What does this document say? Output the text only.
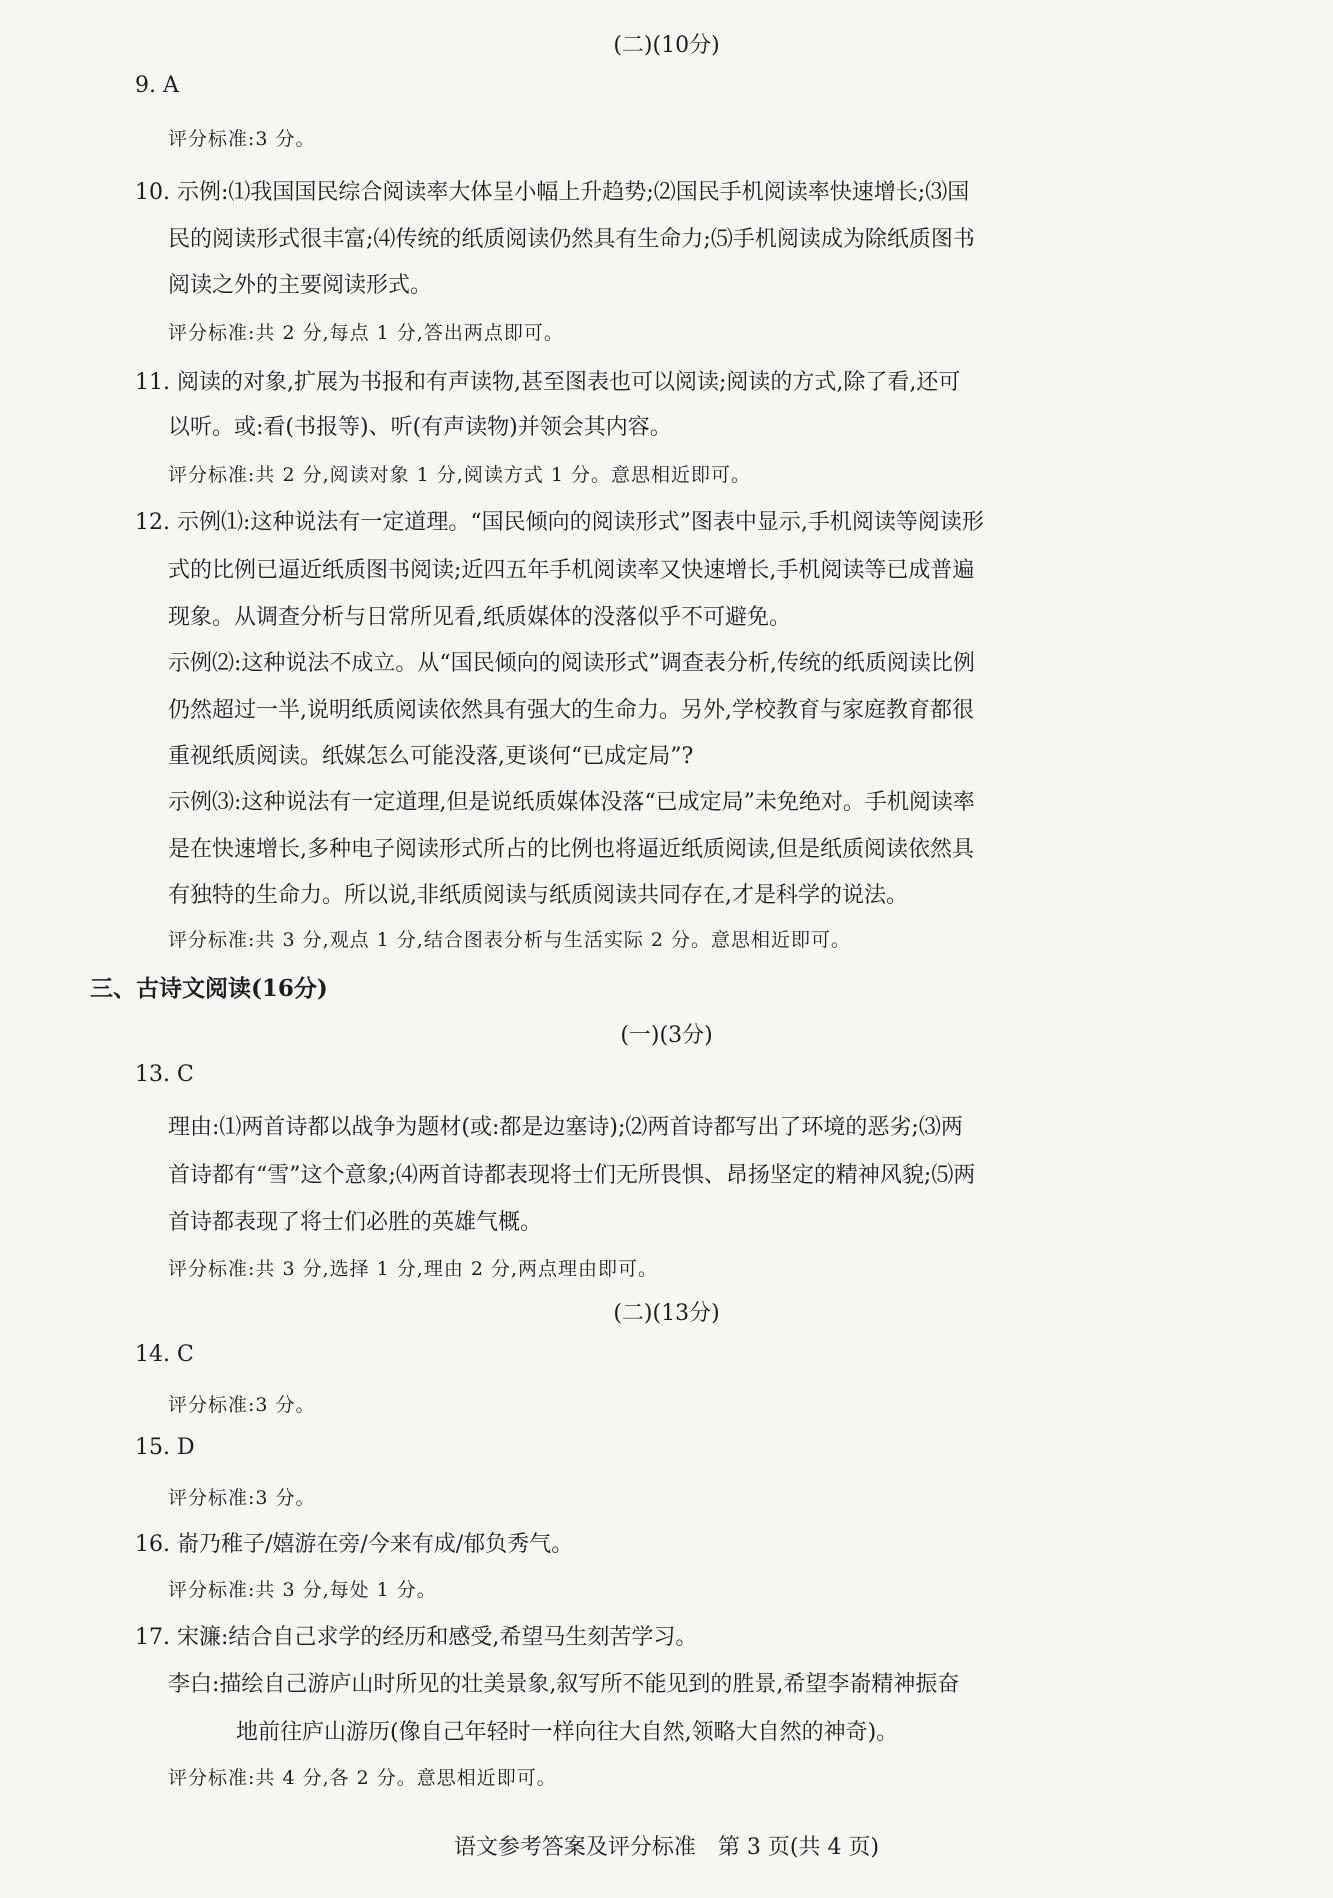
(二)(10分)
9. A
评分标准:3 分。
10. 示例:⑴我国国民综合阅读率大体呈小幅上升趋势;⑵国民手机阅读率快速增长;⑶国
民的阅读形式很丰富;⑷传统的纸质阅读仍然具有生命力;⑸手机阅读成为除纸质图书
阅读之外的主要阅读形式。
评分标准:共 2 分,每点 1 分,答出两点即可。
11. 阅读的对象,扩展为书报和有声读物,甚至图表也可以阅读;阅读的方式,除了看,还可
以听。或:看(书报等)、听(有声读物)并领会其内容。
评分标准:共 2 分,阅读对象 1 分,阅读方式 1 分。意思相近即可。
12. 示例⑴:这种说法有一定道理。“国民倾向的阅读形式”图表中显示,手机阅读等阅读形
式的比例已逼近纸质图书阅读;近四五年手机阅读率又快速增长,手机阅读等已成普遍
现象。从调查分析与日常所见看,纸质媒体的没落似乎不可避免。
示例⑵:这种说法不成立。从“国民倾向的阅读形式”调查表分析,传统的纸质阅读比例
仍然超过一半,说明纸质阅读依然具有强大的生命力。另外,学校教育与家庭教育都很
重视纸质阅读。纸媒怎么可能没落,更谈何“已成定局”?
示例⑶:这种说法有一定道理,但是说纸质媒体没落“已成定局”未免绝对。手机阅读率
是在快速增长,多种电子阅读形式所占的比例也将逼近纸质阅读,但是纸质阅读依然具
有独特的生命力。所以说,非纸质阅读与纸质阅读共同存在,才是科学的说法。
评分标准:共 3 分,观点 1 分,结合图表分析与生活实际 2 分。意思相近即可。
三、古诗文阅读(16分)
(一)(3分)
13. C
理由:⑴两首诗都以战争为题材(或:都是边塞诗);⑵两首诗都写出了环境的恶劣;⑶两
首诗都有“雪”这个意象;⑷两首诗都表现将士们无所畏惧、昂扬坚定的精神风貌;⑸两
首诗都表现了将士们必胜的英雄气概。
评分标准:共 3 分,选择 1 分,理由 2 分,两点理由即可。
(二)(13分)
14. C
评分标准:3 分。
15. D
评分标准:3 分。
16. 嵛乃稚子/嬉游在旁/今来有成/郁负秀气。
评分标准:共 3 分,每处 1 分。
17. 宋濂:结合自己求学的经历和感受,希望马生刻苦学习。
李白:描绘自己游庐山时所见的壮美景象,叙写所不能见到的胜景,希望李嵛精神振奋
地前往庐山游历(像自己年轻时一样向往大自然,领略大自然的神奇)。
评分标准:共 4 分,各 2 分。意思相近即可。
语文参考答案及评分标准　第 3 页(共 4 页)
